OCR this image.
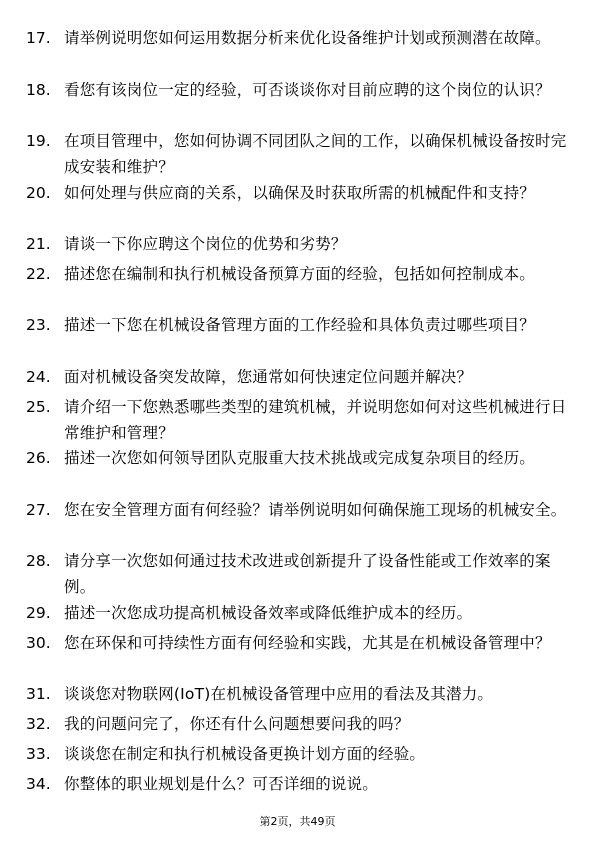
17. 请举例说明您如何运用数据分析来优化设备维护计划或预测潜在故障。
18. 看您有该岗位一定的经验，可否谈谈你对目前应聘的这个岗位的认识？
19. 在项目管理中，您如何协调不同团队之间的工作，以确保机械设备按时完成安装和维护？
20. 如何处理与供应商的关系，以确保及时获取所需的机械配件和支持？
21. 请谈一下你应聘这个岗位的优势和劣势？
22. 描述您在编制和执行机械设备预算方面的经验，包括如何控制成本。
23. 描述一下您在机械设备管理方面的工作经验和具体负责过哪些项目？
24. 面对机械设备突发故障，您通常如何快速定位问题并解决？
25. 请介绍一下您熟悉哪些类型的建筑机械，并说明您如何对这些机械进行日常维护和管理？
26. 描述一次您如何领导团队克服重大技术挑战或完成复杂项目的经历。
27. 您在安全管理方面有何经验？请举例说明如何确保施工现场的机械安全。
28. 请分享一次您如何通过技术改进或创新提升了设备性能或工作效率的案例。
29. 描述一次您成功提高机械设备效率或降低维护成本的经历。
30. 您在环保和可持续性方面有何经验和实践，尤其是在机械设备管理中？
31. 谈谈您对物联网(IoT)在机械设备管理中应用的看法及其潜力。
32. 我的问题问完了，你还有什么问题想要问我的吗？
33. 谈谈您在制定和执行机械设备更换计划方面的经验。
34. 你整体的职业规划是什么？可否详细的说说。
第2页，共49页
